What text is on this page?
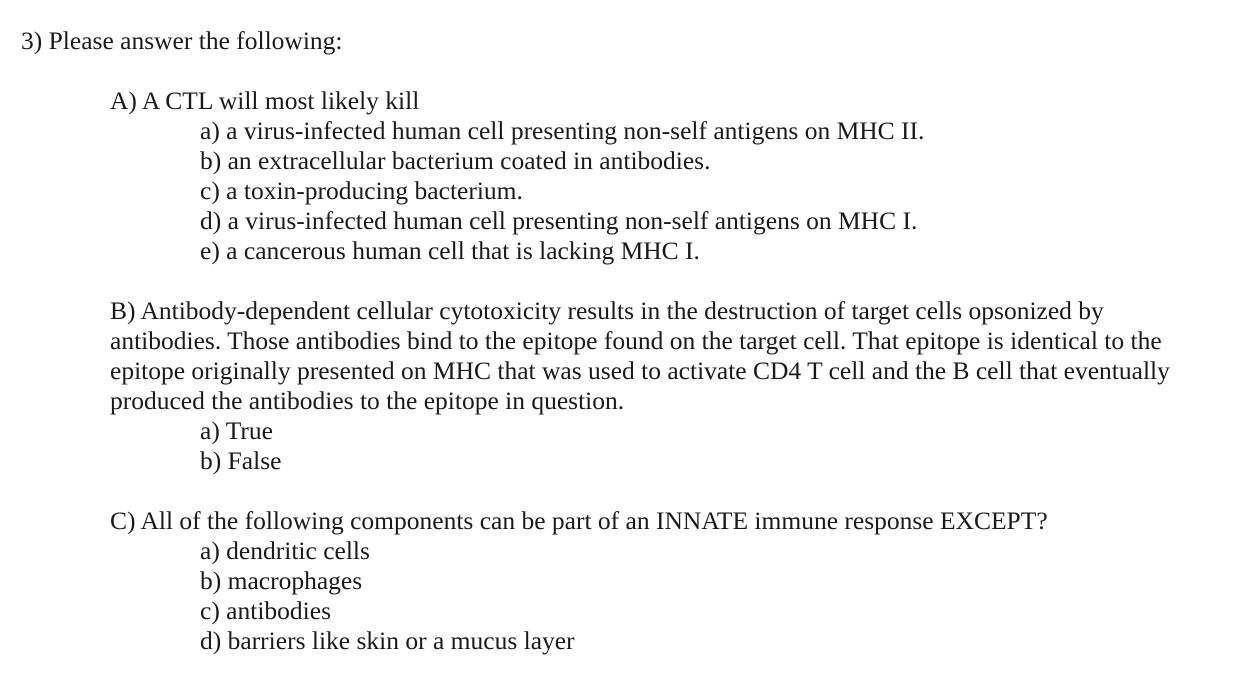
3) Please answer the following:

A) A CTL will most likely kill

a) a virus-infected human cell presenting non-self antigens on MHC II.
b) an extracellular bacterium coated in antibodies.
c) a toxin-producing bacterium.
d) a virus-infected human cell presenting non-self antigens on MHC I.
e) a cancerous human cell that is lacking MHC I.

B) Antibody-dependent cellular cytotoxicity results in the destruction of target cells opsonized by antibodies. Those antibodies bind to the epitope found on the target cell. That epitope is identical to the epitope originally presented on MHC that was used to activate CD4 T cell and the B cell that eventually produced the antibodies to the epitope in question.

a) True
b) False

C) All of the following components can be part of an INNATE immune response EXCEPT?

a) dendritic cells
b) macrophages
c) antibodies
d) barriers like skin or a mucus layer
